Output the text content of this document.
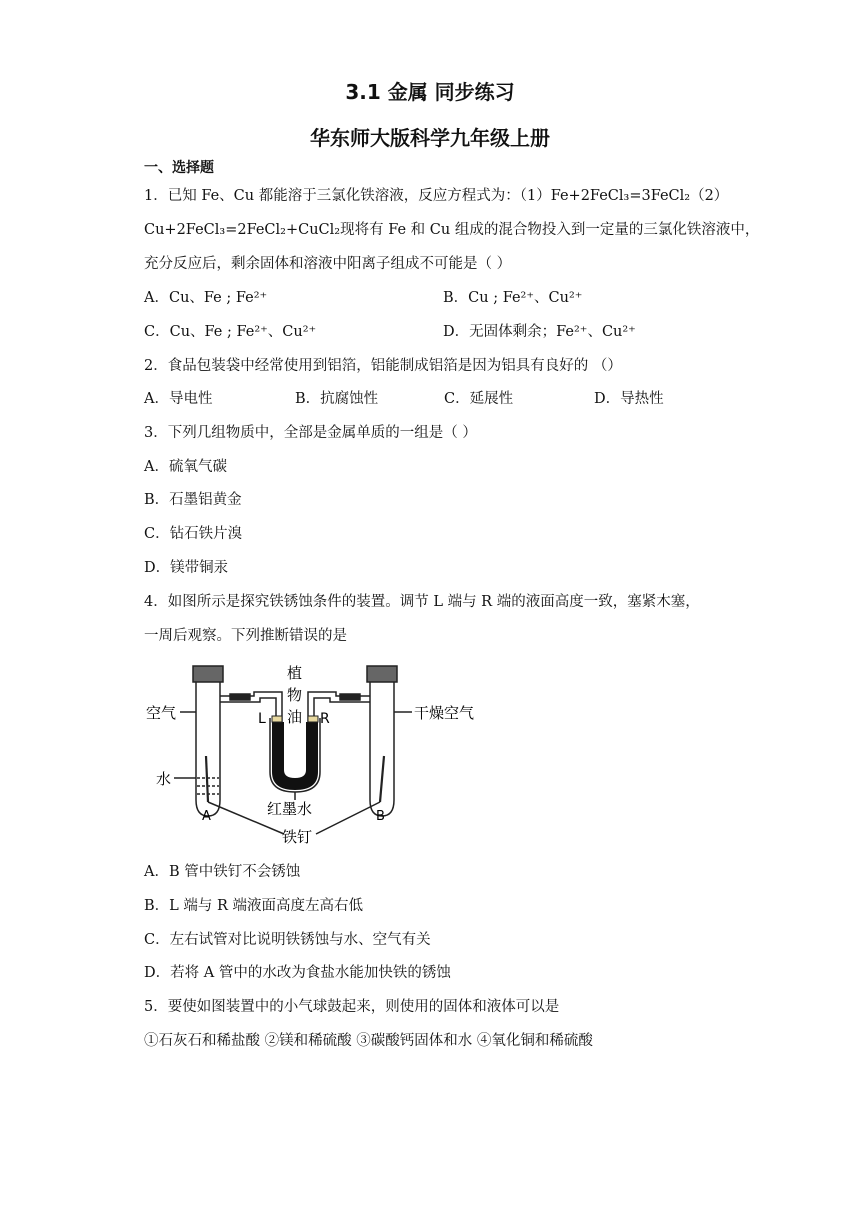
3.1 金属 同步练习
华东师大版科学九年级上册
一、选择题
1．已知 Fe、Cu 都能溶于三氯化铁溶液，反应方程式为：（1）Fe+2FeCl₃=3FeCl₂（2）
Cu+2FeCl₃=2FeCl₂+CuCl₂现将有 Fe 和 Cu 组成的混合物投入到一定量的三氯化铁溶液中，
充分反应后，剩余固体和溶液中阳离子组成不可能是（ ）
A．Cu、Fe ; Fe²⁺	B．Cu ; Fe²⁺、Cu²⁺
C．Cu、Fe ; Fe²⁺、Cu²⁺	D．无固体剩余；Fe²⁺、Cu²⁺
2．食品包装袋中经常使用到铝箔，铝能制成铝箔是因为铝具有良好的 （）
A．导电性	B．抗腐蚀性	C．延展性	D．导热性
3．下列几组物质中，全部是金属单质的一组是（ ）
A．硫氧气碳
B．石墨铝黄金
C．钻石铁片溴
D．镁带铜汞
4．如图所示是探究铁锈蚀条件的装置。调节 L 端与 R 端的液面高度一致，塞紧木塞，
一周后观察。下列推断错误的是
空气	干燥空气
植
物
油
L	R
水
红墨水
A	B
铁钉
A．B 管中铁钉不会锈蚀
B．L 端与 R 端液面高度左高右低
C．左右试管对比说明铁锈蚀与水、空气有关
D．若将 A 管中的水改为食盐水能加快铁的锈蚀
5．要使如图装置中的小气球鼓起来，则使用的固体和液体可以是
①石灰石和稀盐酸 ②镁和稀硫酸 ③碳酸钙固体和水 ④氧化铜和稀硫酸
